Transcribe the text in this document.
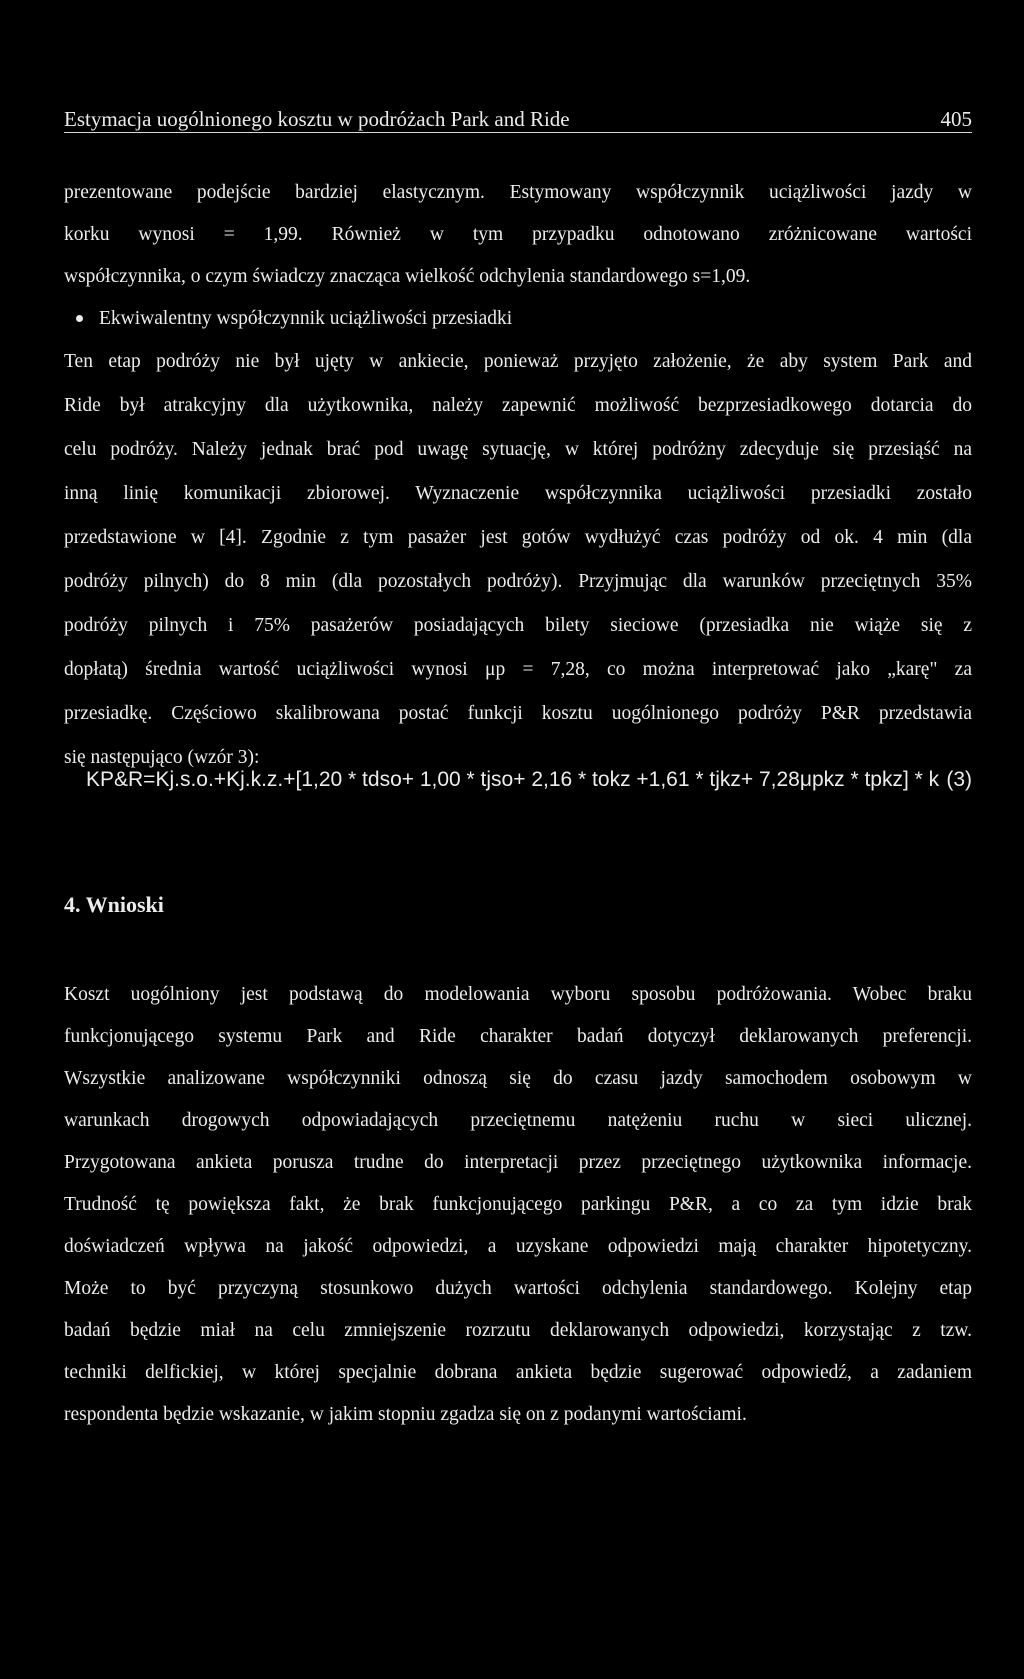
Estymacja uogólnionego kosztu w podróżach Park and Ride	405
prezentowane podejście bardziej elastycznym. Estymowany współczynnik uciążliwości jazdy w
korku wynosi = 1,99. Również w tym przypadku odnotowano zróżnicowane wartości
współczynnika, o czym świadczy znacząca wielkość odchylenia standardowego s=1,09.
Ekwiwalentny współczynnik uciążliwości przesiadki
Ten etap podróży nie był ujęty w ankiecie, ponieważ przyjęto założenie, że aby system Park and
Ride był atrakcyjny dla użytkownika, należy zapewnić możliwość bezprzesiadkowego dotarcia do
celu podróży. Należy jednak brać pod uwagę sytuację, w której podróżny zdecyduje się przesiąść na
inną linię komunikacji zbiorowej. Wyznaczenie współczynnika uciążliwości przesiadki zostało
przedstawione w [4]. Zgodnie z tym pasażer jest gotów wydłużyć czas podróży od ok. 4 min (dla
podróży pilnych) do 8 min (dla pozostałych podróży). Przyjmując dla warunków przeciętnych 35%
podróży pilnych i 75% pasażerów posiadających bilety sieciowe (przesiadka nie wiąże się z
dopłatą) średnia wartość uciążliwości wynosi μp = 7,28, co można interpretować jako „karę" za
przesiadkę. Częściowo skalibrowana postać funkcji kosztu uogólnionego podróży P&R przedstawia
się następująco (wzór 3):
KP&R=Kj.s.o.+Kj.k.z.+[1,20 * tdso+ 1,00 * tjso+ 2,16 * tokz +1,61 * tjkz+ 7,28μpkz * tpkz] * k (3)
4. Wnioski
Koszt uogólniony jest podstawą do modelowania wyboru sposobu podróżowania. Wobec braku
funkcjonującego systemu Park and Ride charakter badań dotyczył deklarowanych preferencji.
Wszystkie analizowane współczynniki odnoszą się do czasu jazdy samochodem osobowym w
warunkach drogowych odpowiadających przeciętnemu natężeniu ruchu w sieci ulicznej.
Przygotowana ankieta porusza trudne do interpretacji przez przeciętnego użytkownika informacje.
Trudność tę powiększa fakt, że brak funkcjonującego parkingu P&R, a co za tym idzie brak
doświadczeń wpływa na jakość odpowiedzi, a uzyskane odpowiedzi mają charakter hipotetyczny.
Może to być przyczyną stosunkowo dużych wartości odchylenia standardowego. Kolejny etap
badań będzie miał na celu zmniejszenie rozrzutu deklarowanych odpowiedzi, korzystając z tzw.
techniki delfickiej, w której specjalnie dobrana ankieta będzie sugerować odpowiedź, a zadaniem
respondenta będzie wskazanie, w jakim stopniu zgadza się on z podanymi wartościami.
